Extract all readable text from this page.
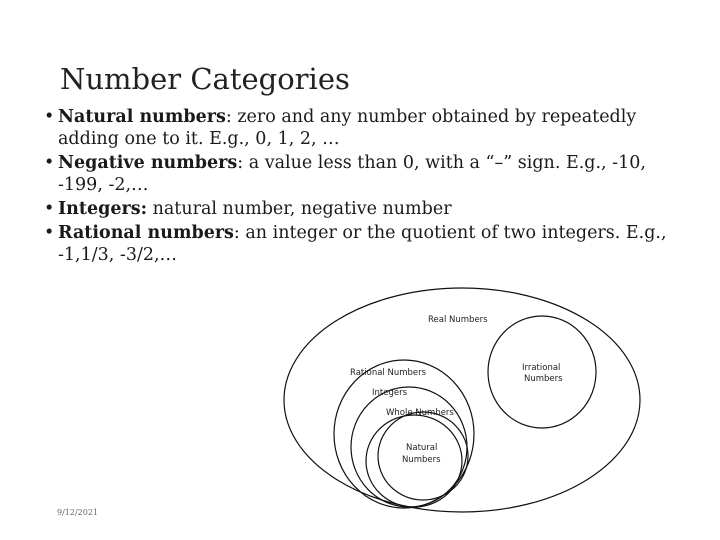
Number Categories
• Natural numbers: zero and any number obtained by repeatedly adding one to it. E.g., 0, 1, 2, …
• Negative numbers: a value less than 0, with a “–” sign. E.g., -10, -199, -2,…
• Integers: natural number, negative number
• Rational numbers: an integer or the quotient of two integers. E.g., -1,1/3, -3/2,…
Real Numbers
Irrational
Numbers
Rational Numbers
Integers
Whole Numbers
Natural
Numbers
9/12/2021
